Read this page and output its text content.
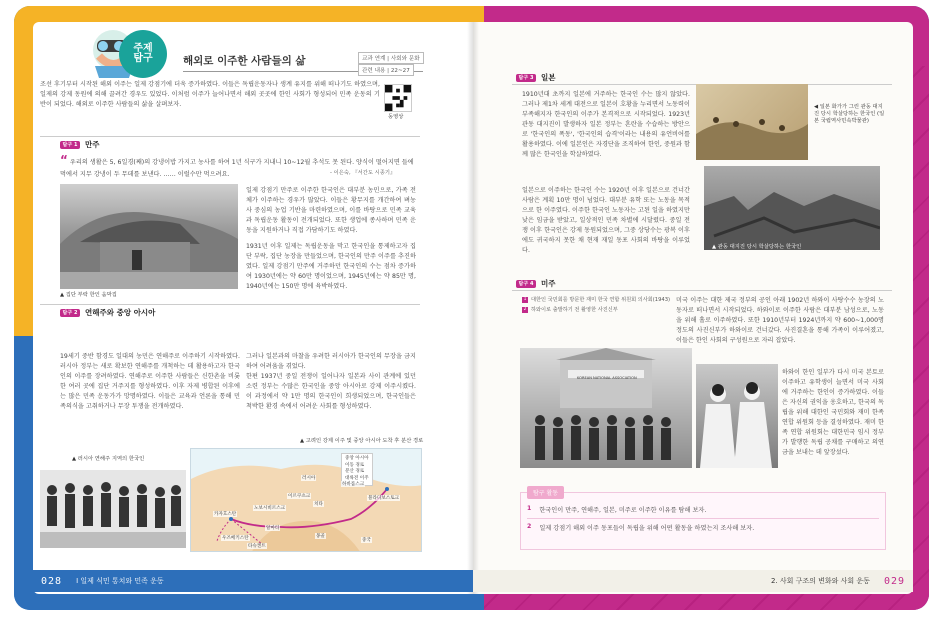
주제
탐구	해외로 이주한 사람들의 삶	교과 연계 | 사회와 문화
관련 내용 | 22~27
조선 후기부터 시작된 해외 이주는 일제 강점기에 더욱 증가하였다. 이들은 독립운동자나 생계 유지를 위해 떠나기도 하였으며, 일제의 강제 동원에 의해 끌려간 경우도 있었다. 이처럼 이주가 늘어나면서 해외 곳곳에 한인 사회가 형성되어 민족 운동의 기반이 되었다. 해외로 이주한 사람들의 삶을 살펴보자.
동영상
탐구 1	만주
“ 우리의 생활은 5, 6일경(째)의 강냉이밥 가지고 농사를 하여 1년 식구가 지내니 10~12월 추석도 못 된다. 양식이 떨어지면 들에 먹에서 지무 강냉이 두 무데를 보낸다. …… 이럴수만 먹으려요.	- 이은숙, 『서간도 시종기』
▲ 집단 부락 한인 움막집
일제 강점기 만주로 이주한 한국인은 대부분 농민으로, 가족 전체가 이주하는 경우가 많았다. 이들은 황무지를 개간하여 벼농사 중심의 농업 기반을 마련하였으며, 이를 바탕으로 민족 교육과 독립운동 활동이 전개되었다. 또한 생업에 종사하며 민족 운동을 지원하거나 직접 가담하기도 하였다.
1931년 이후 일제는 독립운동을 막고 한국인을 통제하고자 집단 부락, 집단 농장을 만들었으며, 한국인의 만주 이주를 추진하였다. 일제 강점기 만주에 거주하던 한국인의 수는 점차 증가하여 1930년에는 약 60만 명이었으며, 1945년에는 약 85만 명, 1940년에는 150만 명에 육박하였다.
탐구 2	연해주와 중앙 아시아
19세기 중반 함경도 일대의 농민은 연해주로 이주하기 시작하였다. 러시아 정부는 새로 확보한 연해주를 개척하는 데 활용하고자 한국인의 이주를 장려하였다. 연해주로 이주한 사람들은 신한촌을 비롯한 여러 곳에 집단 거주지를 형성하였다. 이후 자제 병합된 이후에는 많은 민족 운동가가 망명하였다. 이들은 교육과 언론을 통해 민족의식을 고취하거나 무장 투쟁을 전개하였다.
그러나 일본과의 마찰을 우려한 러시아가 한국인의 무장을 금지하여 어려움을 겪었다.
한편 1937년 중일 전쟁이 일어나자 일본과 사이 관계에 있던 소련 정부는 수많은 한국인을 중앙 아시아로 강제 이주시켰다. 이 과정에서 약 1만 명의 한국인이 희생되었으며, 한국인들은 척박한 환경 속에서 어려운 사회를 형성하였다.
▲ 고려인 강제 이주 및 중앙 아시아 도착 후 분산 경로
▲ 러시아 연해주 지역의 한국인	중앙 아시아
이동 경로
분산 경로
대륙전 이주
블라디보스토크
하바롭스크
치타
이르쿠츠크
노보시비르스크
카자흐스탄
우즈베키스탄
타슈켄트
알마티
러시아
몽골
중국
탐구 3	일본
1910년대 초까지 일본에 거주하는 한국인 수는 많지 않았다. 그러나 제1차 세계 대전으로 일본이 호황을 누리면서 노동력이 부족해지자 한국인의 이주가 본격적으로 시작되었다. 1923년 관동 대지진이 발생하자 일본 정부는 혼란을 수습하는 방안으로 '한국인의 폭동', '한국인의 습격'이라는 내용의 유언비어를 활용하였다. 이에 일본인은 자경단을 조직하여 한인, 중원과 함께 많은 한국인을 학살하였다.
일본으로 이주하는 한국인 수는 1920년 이후 일본으로 건너간 사람은 계획 10만 명이 넘었다. 대부분 유학 또는 노동을 목적으로 한 이주였다. 이주한 한국인 노동자는 고된 일을 하였지만 낮은 임금을 받았고, 일상적인 민족 차별에 시달렸다. 중일 전쟁 이후 한국인은 강제 동원되었으며, 그중 상당수는 광복 이후에도 귀국하지 못한 채 현재 재일 동포 사회의 바탕을 이루었다.
◀ 일본 화가가 그린 관동 대지진 당시 학살당하는 한국인 (일본 국립역사민속박물관)
▲ 관동 대지진 당시 학살당하는 한국인
탐구 4	미주
1 대한인 국민회를 방문한 재미 한국 연합 위원회 의사회(1943)
2 하와이로 출발하기 전 촬영한 사진신부
미국 이주는 대한 제국 정부의 공인 아래 1902년 하와이 사탕수수 농장의 노동자로 떠나면서 시작되었다. 하와이로 이주한 사람은 대부분 남성으로, 노동을 위해 홀로 이주하였다. 또한 1910년부터 1924년까지 약 600~1,000명 정도의 사진신부가 하와이로 건너갔다. 사진결혼을 통해 가족이 이루어졌고, 이들은 한인 사회의 구성원으로 자리 잡았다.
하와이 한인 일부가 다시 미국 본토로 이주하고 유학생이 늘면서 미국 사회에 거주하는 한인이 증가하였다. 이들은 자신의 권익을 옹호하고, 한국의 독립을 위해 대한인 국민회와 재미 한족 연합 위원회 등을 결성하였다. 재미 한족 연합 위원회는 대한민국 임시 정부가 발행한 독립 공채를 구매하고 의연금을 보내는 데 앞장섰다.
KOREAN NATIONAL ASSOCIATION
탐구 활동
1 한국인이 만주, 연해주, 일본, 미주로 이주한 이유를 탐해 보자.
2 일제 강점기 해외 이주 동포들이 독립을 위해 어떤 활동을 하였는지 조사해 보자.
028	Ⅰ 일제 식민 통치와 민족 운동	2. 사회 구조의 변화와 사회 운동	029
